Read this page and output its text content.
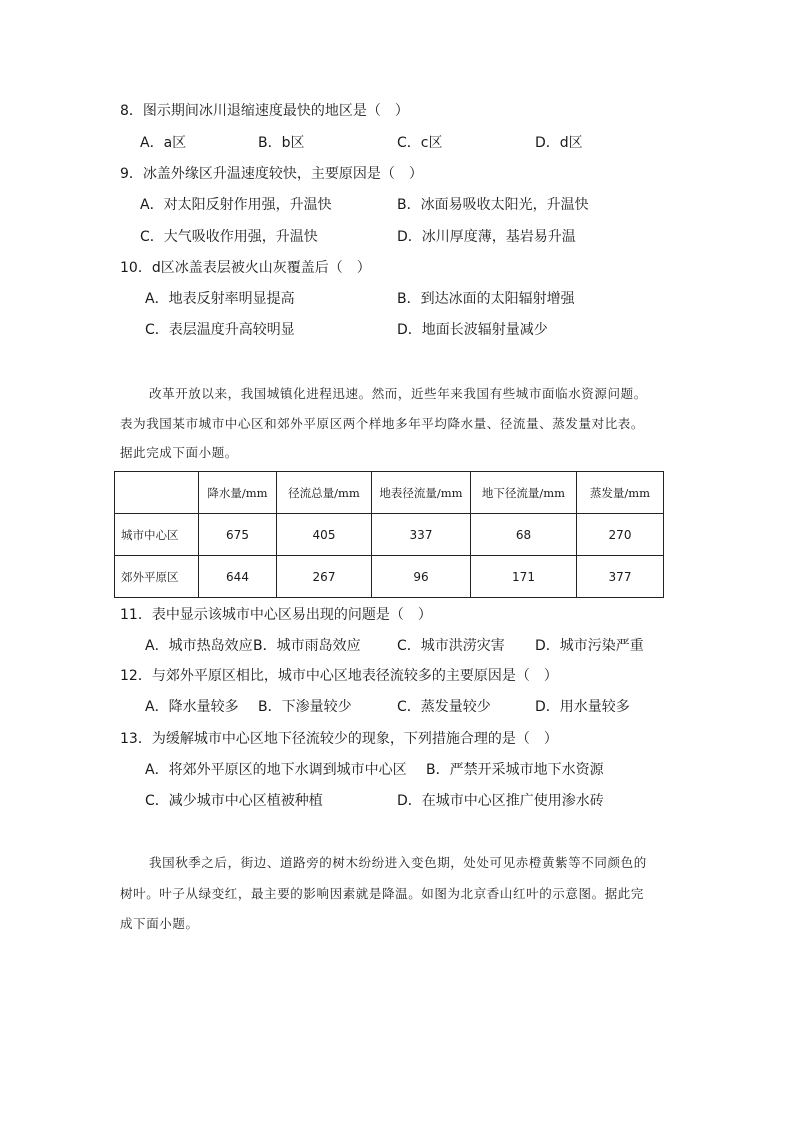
8．图示期间冰川退缩速度最快的地区是（　）
A．a区	B．b区	C．c区	D．d区
9．冰盖外缘区升温速度较快，主要原因是（　）
A．对太阳反射作用强，升温快	B．冰面易吸收太阳光，升温快
C．大气吸收作用强，升温快	D．冰川厚度薄，基岩易升温
10．d区冰盖表层被火山灰覆盖后（　）
A．地表反射率明显提高	B．到达冰面的太阳辐射增强
C．表层温度升高较明显	D．地面长波辐射量减少
改革开放以来，我国城镇化进程迅速。然而，近些年来我国有些城市面临水资源问题。
表为我国某市城市中心区和郊外平原区两个样地多年平均降水量、径流量、蒸发量对比表。
据此完成下面小题。
	降水量/mm	径流总量/mm	地表径流量/mm	地下径流量/mm	蒸发量/mm
城市中心区	675	405	337	68	270
郊外平原区	644	267	96	171	377
11．表中显示该城市中心区易出现的问题是（　）
A．城市热岛效应 B．城市雨岛效应	C．城市洪涝灾害 D．城市污染严重
12．与郊外平原区相比，城市中心区地表径流较多的主要原因是（　）
A．降水量较多 B．下渗量较少	C．蒸发量较少	D．用水量较多
13．为缓解城市中心区地下径流较少的现象，下列措施合理的是（　）
A．将郊外平原区的地下水调到城市中心区 B．严禁开采城市地下水资源
C．减少城市中心区植被种植	D．在城市中心区推广使用渗水砖
我国秋季之后，街边、道路旁的树木纷纷进入变色期，处处可见赤橙黄紫等不同颜色的
树叶。叶子从绿变红，最主要的影响因素就是降温。如图为北京香山红叶的示意图。据此完
成下面小题。
